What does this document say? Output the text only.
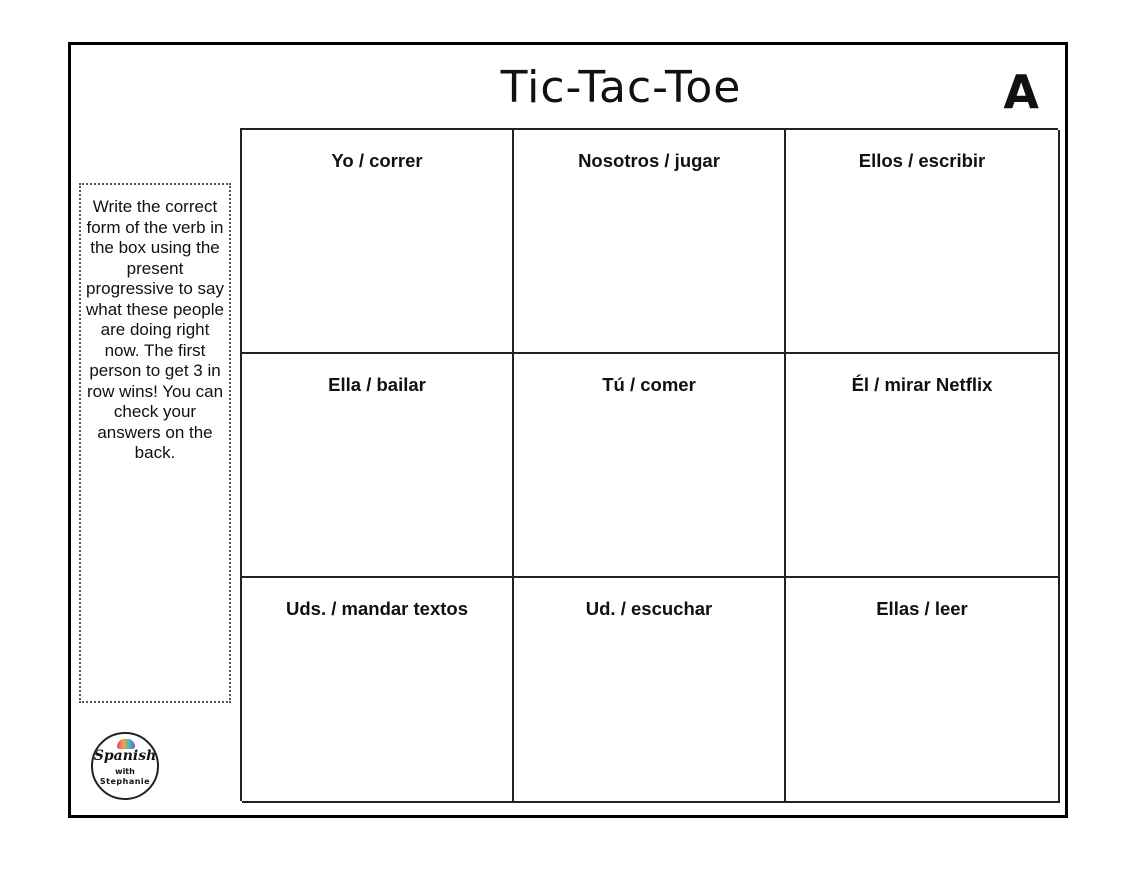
Tic-Tac-Toe	A
Write the correct form of the verb in the box using the present progressive to say what these people are doing right now. The first person to get 3 in row wins! You can check your answers on the back.
Yo / correr	Nosotros / jugar	Ellos / escribir
Ella / bailar	Tú / comer	Él / mirar Netflix
Uds. / mandar textos	Ud. / escuchar	Ellas / leer
Spanish
with
Stephanie
